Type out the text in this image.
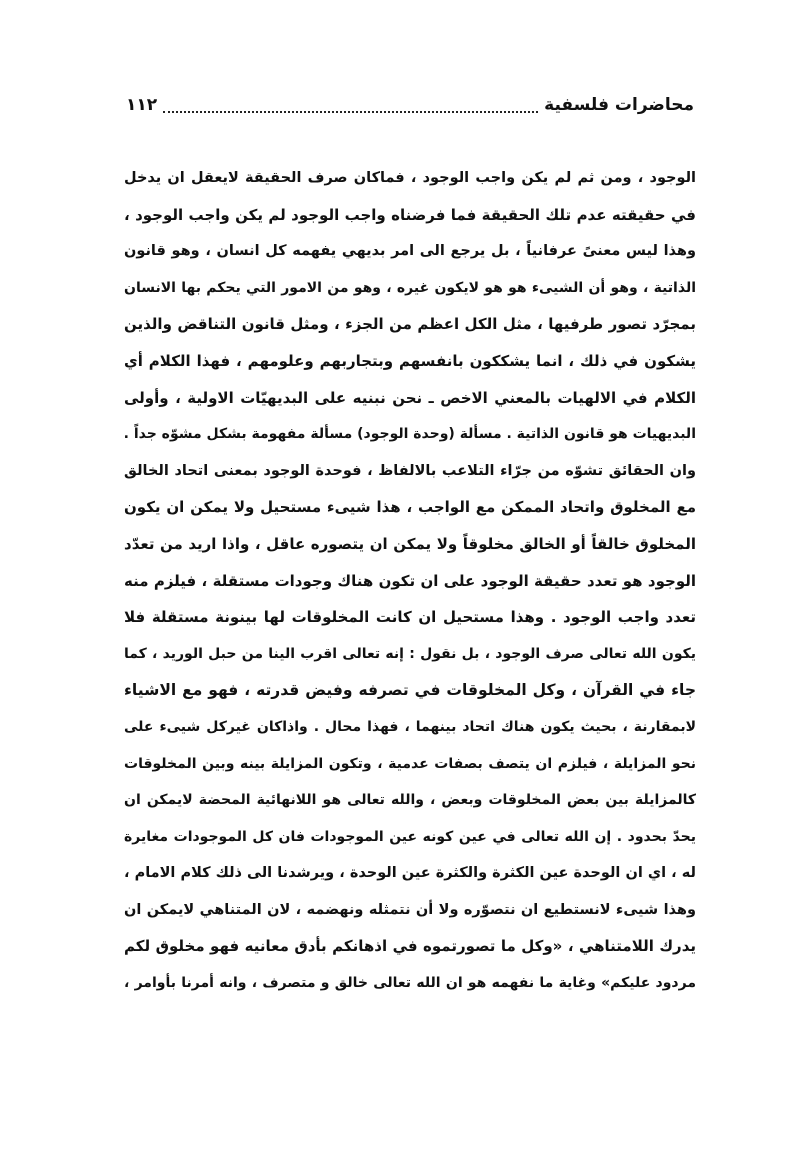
محاضرات فلسفية
١١٢
الوجود ، ومن ثم لم يكن واجب الوجود ، فماكان صرف الحقيقة لايعقل ان يدخل
في حقيقته عدم تلك الحقيقة فما فرضناه واجب الوجود لم يكن واجب الوجود ،
وهذا ليس معنىً عرفانياً ، بل يرجع الى امر بديهي يفهمه كل انسان ، وهو قانون
الذاتية ، وهو أن الشيىء هو هو لايكون غيره ، وهو من الامور التي يحكم بها الانسان
بمجرّد تصور طرفيها ، مثل الكل اعظم من الجزء ، ومثل قانون التناقض والذين
يشكون في ذلك ، انما يشككون بانفسهم وبتجاربهم وعلومهم ، فهذا الكلام أي
الكلام في الالهيات بالمعني الاخص ـ نحن نبنيه على البديهيّات الاولية ، وأولى
البديهيات هو قانون الذاتية . مسألة (وحدة الوجود) مسألة مفهومة بشكل مشوّه جداً .
وان الحقائق تشوّه من جرّاء التلاعب بالالفاظ ، فوحدة الوجود بمعنى اتحاد الخالق
مع المخلوق واتحاد الممكن مع الواجب ، هذا شيىء مستحيل ولا يمكن ان يكون
المخلوق خالقاً أو الخالق مخلوقاً ولا يمكن ان يتصوره عاقل ، واذا اريد من تعدّد
الوجود هو تعدد حقيقة الوجود على ان تكون هناك وجودات مستقلة ، فيلزم منه
تعدد واجب الوجود . وهذا مستحيل ان كانت المخلوقات لها بينونة مستقلة فلا
يكون الله تعالى صرف الوجود ، بل نقول : إنه تعالى اقرب الينا من حبل الوريد ، كما
جاء في القرآن ، وكل المخلوقات في تصرفه وفيض قدرته ، فهو مع الاشياء
لابمقارنة ، بحيث يكون هناك اتحاد بينهما ، فهذا محال . واذاكان غيركل شيىء على
نحو المزايلة ، فيلزم ان يتصف بصفات عدمية ، وتكون المزايلة بينه وبين المخلوقات
كالمزايلة بين بعض المخلوقات وبعض ، والله تعالى هو اللانهائية المحضة لايمكن ان
يحدّ بحدود . إن الله تعالى في عين كونه عين الموجودات فان كل الموجودات مغايرة
له ، اي ان الوحدة عين الكثرة والكثرة عين الوحدة ، ويرشدنا الى ذلك كلام الامام ،
وهذا شيىء لانستطيع ان نتصوّره ولا أن نتمثله ونهضمه ، لان المتناهي لايمكن ان
يدرك اللامتناهي ، «وكل ما تصورتموه في اذهانكم بأدق معانيه فهو مخلوق لكم
مردود عليكم» وغاية ما نفهمه هو ان الله تعالى خالق و متصرف ، وانه أمرنا بأوامر ،
